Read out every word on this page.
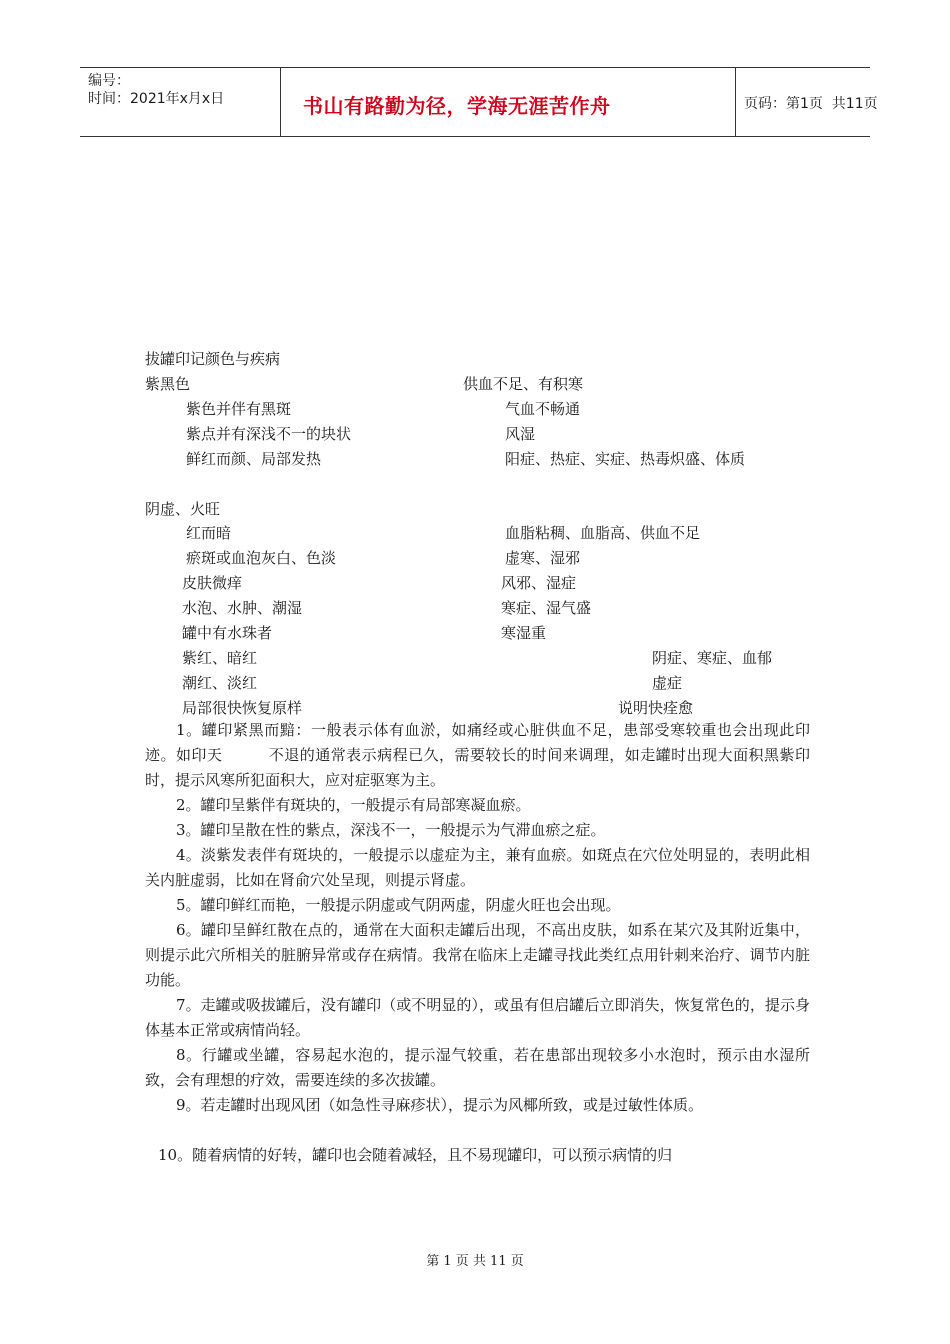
编号：
时间：2021年x月x日	书山有路勤为径，学海无涯苦作舟	页码：第1页  共11页
拔罐印记颜色与疾病
紫黑色	供血不足、有积寒
紫色并伴有黑斑	气血不畅通
紫点并有深浅不一的块状	风湿
鲜红而颜、局部发热	阳症、热症、实症、热毒炽盛、体质
阴虚、火旺
红而暗	血脂粘稠、血脂高、供血不足
瘀斑或血泡灰白、色淡	虚寒、湿邪
皮肤微痒	风邪、湿症
水泡、水肿、潮湿	寒症、湿气盛
罐中有水珠者	寒湿重
紫红、暗红	阴症、寒症、血郁
潮红、淡红	虚症
局部很快恢复原样	说明快痊愈
1。罐印紧黑而黯：一般表示体有血淤，如痛经或心脏供血不足，患部受寒较重也会出现此印迹。如印天　　　不退的通常表示病程已久，需要较长的时间来调理，如走罐时出现大面积黑紫印时，提示风寒所犯面积大，应对症驱寒为主。
2。罐印呈紫伴有斑块的，一般提示有局部寒凝血瘀。
3。罐印呈散在性的紫点，深浅不一，一般提示为气滞血瘀之症。
4。淡紫发表伴有斑块的，一般提示以虚症为主，兼有血瘀。如斑点在穴位处明显的，表明此相关内脏虚弱，比如在肾俞穴处呈现，则提示肾虚。
5。罐印鲜红而艳，一般提示阴虚或气阴两虚，阴虚火旺也会出现。
6。罐印呈鲜红散在点的，通常在大面积走罐后出现，不高出皮肤，如系在某穴及其附近集中，则提示此穴所相关的脏腑异常或存在病情。我常在临床上走罐寻找此类红点用针刺来治疗、调节内脏功能。
7。走罐或吸拔罐后，没有罐印（或不明显的），或虽有但启罐后立即消失，恢复常色的，提示身体基本正常或病情尚轻。
8。行罐或坐罐，容易起水泡的，提示湿气较重，若在患部出现较多小水泡时，预示由水湿所致，会有理想的疗效，需要连续的多次拔罐。
9。若走罐时出现风团（如急性寻麻疹状），提示为风椰所致，或是过敏性体质。
10。随着病情的好转，罐印也会随着减轻，且不易现罐印，可以预示病情的归
第 1 页 共 11 页
